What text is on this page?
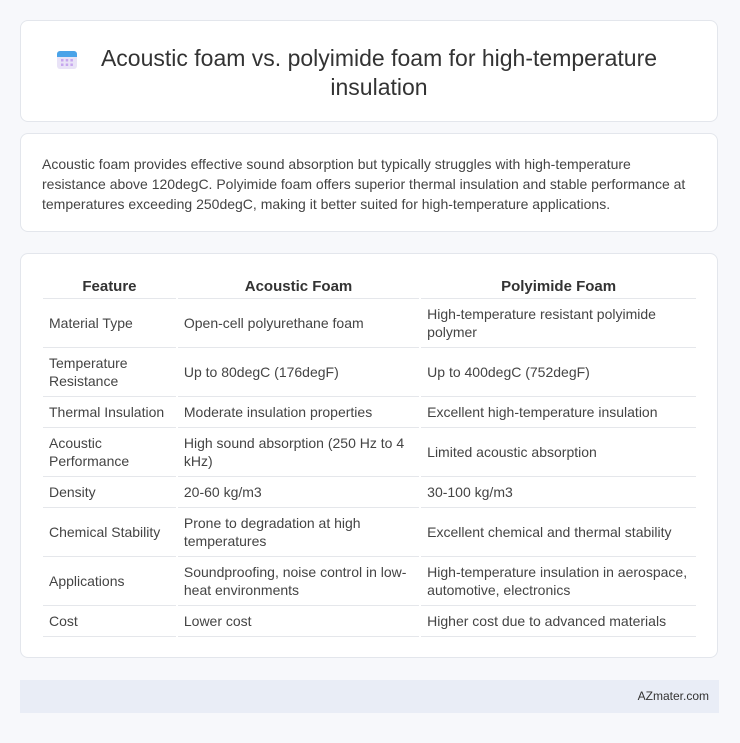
Acoustic foam vs. polyimide foam for high-temperature insulation

Acoustic foam provides effective sound absorption but typically struggles with high-temperature resistance above 120degC. Polyimide foam offers superior thermal insulation and stable performance at temperatures exceeding 250degC, making it better suited for high-temperature applications.

Feature	Acoustic Foam	Polyimide Foam
Material Type	Open-cell polyurethane foam	High-temperature resistant polyimide polymer
Temperature Resistance	Up to 80degC (176degF)	Up to 400degC (752degF)
Thermal Insulation	Moderate insulation properties	Excellent high-temperature insulation
Acoustic Performance	High sound absorption (250 Hz to 4 kHz)	Limited acoustic absorption
Density	20-60 kg/m3	30-100 kg/m3
Chemical Stability	Prone to degradation at high temperatures	Excellent chemical and thermal stability
Applications	Soundproofing, noise control in low-heat environments	High-temperature insulation in aerospace, automotive, electronics
Cost	Lower cost	Higher cost due to advanced materials
AZmater.com
